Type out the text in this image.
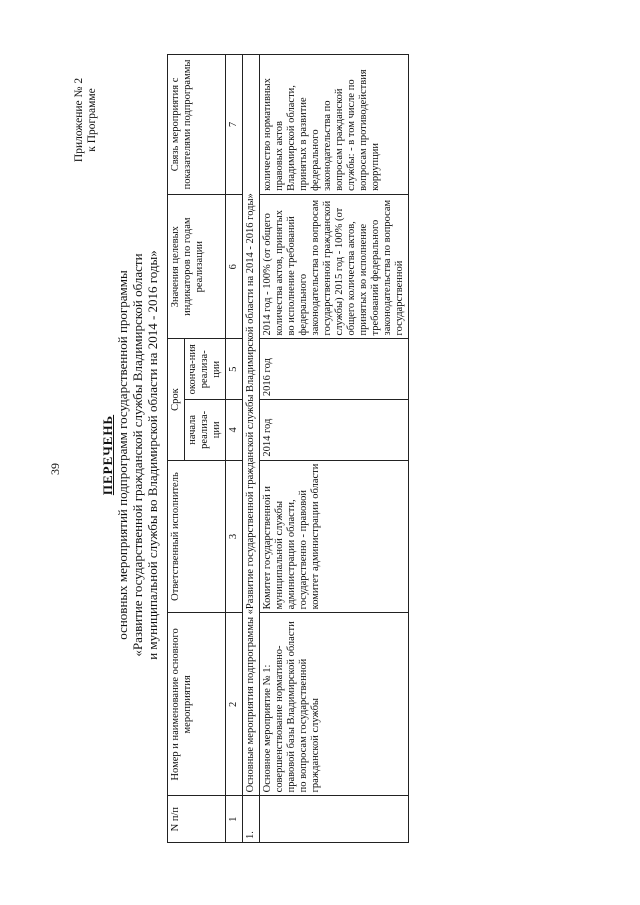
39
Приложение № 2 к Программе
ПЕРЕЧЕНЬ основных мероприятий подпрограмм государственной программы «Развитие государственной гражданской службы Владимирской области и муниципальной службы во Владимирской области на 2014 - 2016 годы»
N п/п	Номер и наименование основного мероприятия	Ответственный исполнитель	Срок		Значения целевых индикаторов по годам реализации	Связь мероприятия с показателями подпрограммы
			начала реализа-ции	оконча-ния реализа-ции		
1	2	3	4	5	6	7
1.	Основные мероприятия подпрограммы «Развитие государственной гражданской службы Владимирской области на 2014 - 2016 годы»					
	Основное мероприятие № 1: совершенствование нормативно-правовой базы Владимирской области по вопросам государственной гражданской службы	Комитет государственной и муниципальной службы администрации области, государственно - правовой комитет администрации области	2014 год	2016 год	2014 год - 100% (от общего количества актов, принятых во исполнение требований федерального законодательства по вопросам государственной гражданской службы) 2015 год - 100% (от общего количества актов, принятых во исполнение требований федерального законодательства по вопросам государственной	количество нормативных правовых актов Владимирской области, принятых в развитие федерального законодательства по вопросам гражданской службы: - в том числе по вопросам противодействия коррупции
